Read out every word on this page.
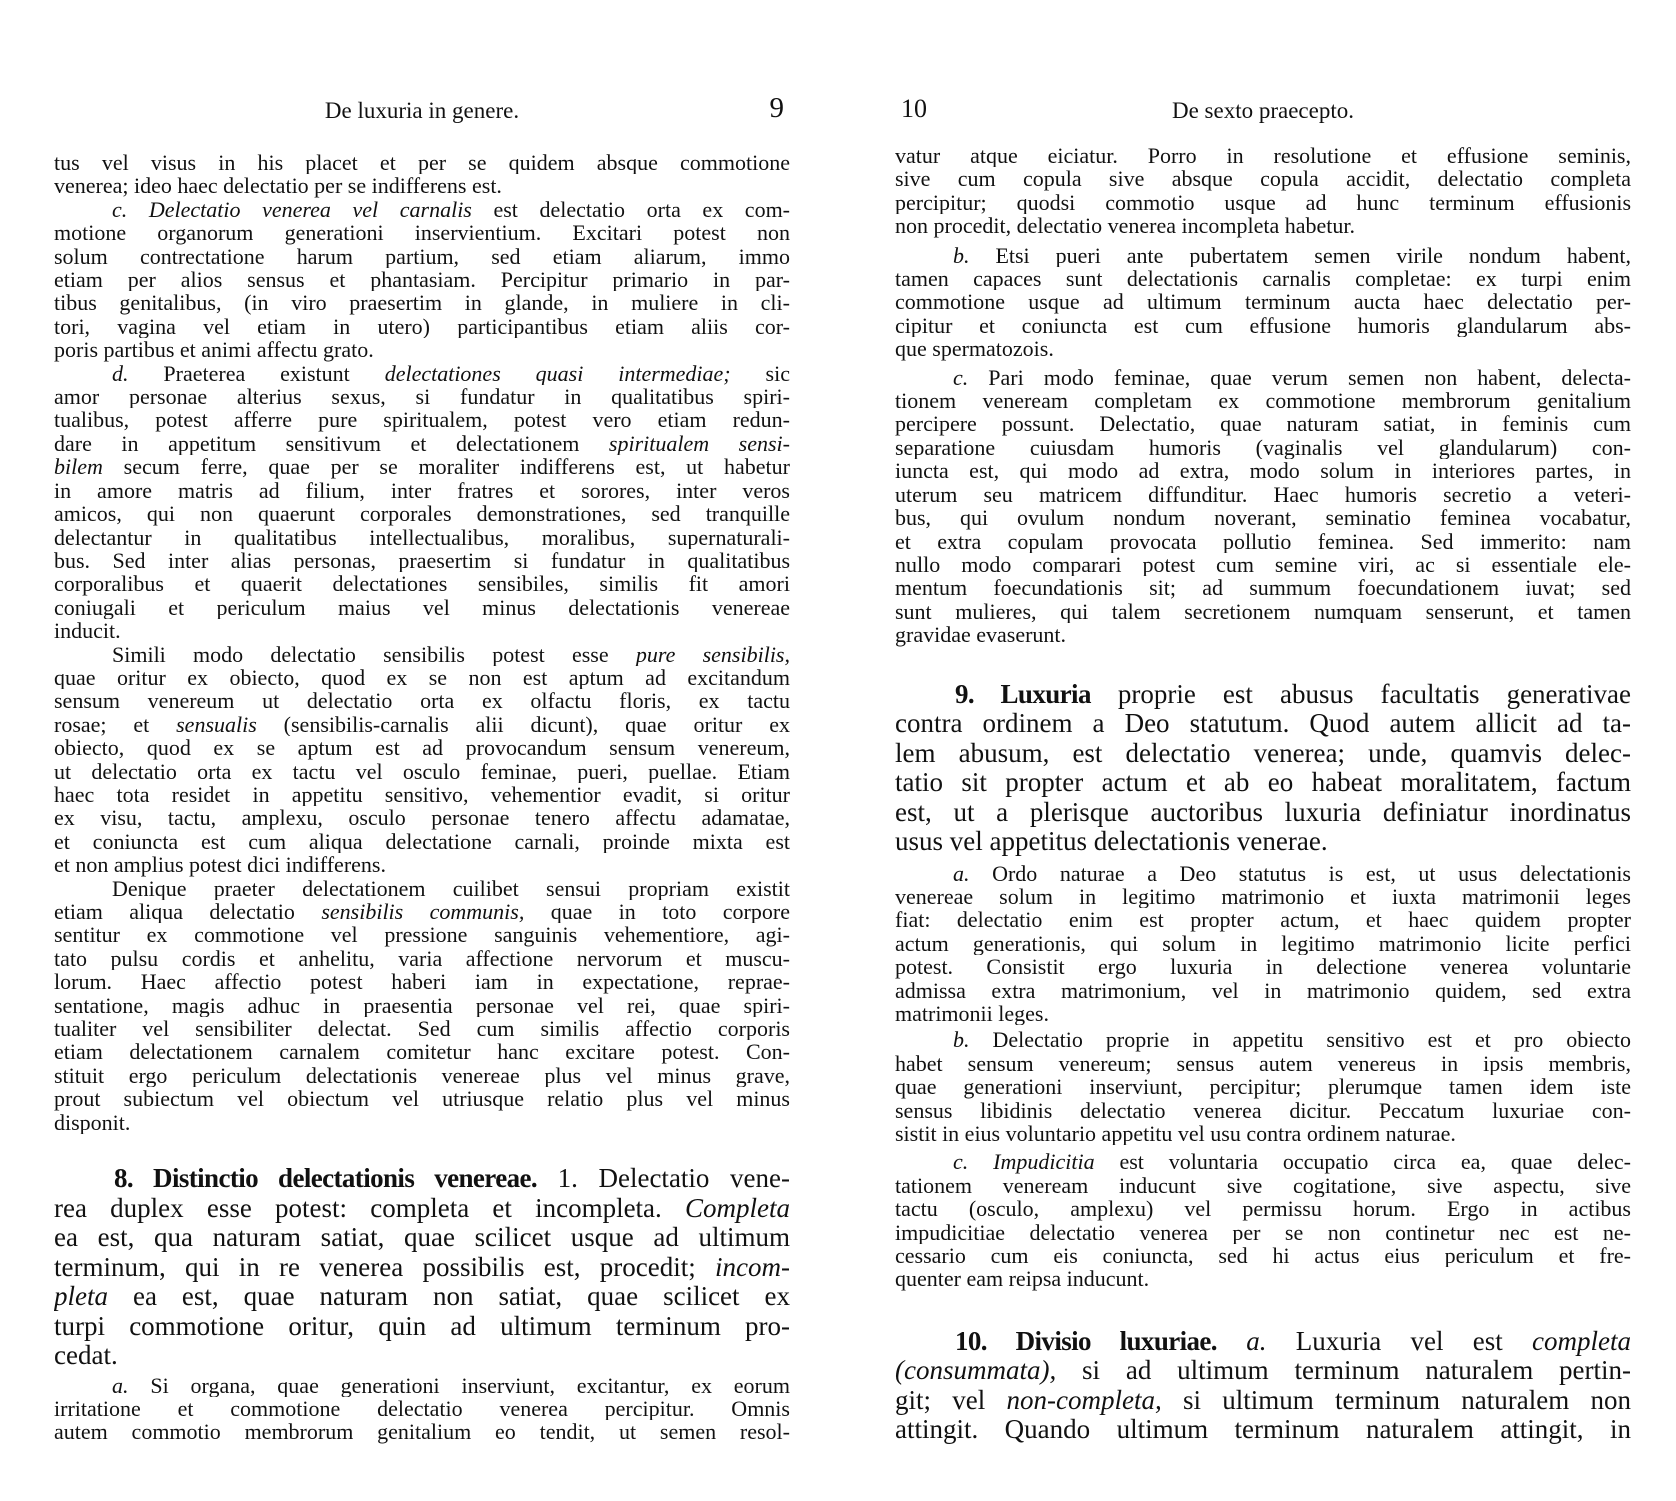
De luxuria in genere.	9
tus vel visus in his placet et per se quidem absque commotione
venerea; ideo haec delectatio per se indifferens est.
c. Delectatio venerea vel carnalis est delectatio orta ex com-
motione organorum generationi inservientium. Excitari potest non
solum contrectatione harum partium, sed etiam aliarum, immo
etiam per alios sensus et phantasiam. Percipitur primario in par-
tibus genitalibus, (in viro praesertim in glande, in muliere in cli-
tori, vagina vel etiam in utero) participantibus etiam aliis cor-
poris partibus et animi affectu grato.
d. Praeterea existunt delectationes quasi intermediae; sic
amor personae alterius sexus, si fundatur in qualitatibus spiri-
tualibus, potest afferre pure spiritualem, potest vero etiam redun-
dare in appetitum sensitivum et delectationem spiritualem sensi-
bilem secum ferre, quae per se moraliter indifferens est, ut habetur
in amore matris ad filium, inter fratres et sorores, inter veros
amicos, qui non quaerunt corporales demonstrationes, sed tranquille
delectantur in qualitatibus intellectualibus, moralibus, supernaturali-
bus. Sed inter alias personas, praesertim si fundatur in qualitatibus
corporalibus et quaerit delectationes sensibiles, similis fit amori
coniugali et periculum maius vel minus delectationis venereae
inducit.
Simili modo delectatio sensibilis potest esse pure sensibilis,
quae oritur ex obiecto, quod ex se non est aptum ad excitandum
sensum venereum ut delectatio orta ex olfactu floris, ex tactu
rosae; et sensualis (sensibilis-carnalis alii dicunt), quae oritur ex
obiecto, quod ex se aptum est ad provocandum sensum venereum,
ut delectatio orta ex tactu vel osculo feminae, pueri, puellae. Etiam
haec tota residet in appetitu sensitivo, vehementior evadit, si oritur
ex visu, tactu, amplexu, osculo personae tenero affectu adamatae,
et coniuncta est cum aliqua delectatione carnali, proinde mixta est
et non amplius potest dici indifferens.
Denique praeter delectationem cuilibet sensui propriam existit
etiam aliqua delectatio sensibilis communis, quae in toto corpore
sentitur ex commotione vel pressione sanguinis vehementiore, agi-
tato pulsu cordis et anhelitu, varia affectione nervorum et muscu-
lorum. Haec affectio potest haberi iam in expectatione, reprae-
sentatione, magis adhuc in praesentia personae vel rei, quae spiri-
tualiter vel sensibiliter delectat. Sed cum similis affectio corporis
etiam delectationem carnalem comitetur hanc excitare potest. Con-
stituit ergo periculum delectationis venereae plus vel minus grave,
prout subiectum vel obiectum vel utriusque relatio plus vel minus
disponit.
8. Distinctio delectationis venereae. 1. Delectatio vene-
rea duplex esse potest: completa et incompleta. Completa
ea est, qua naturam satiat, quae scilicet usque ad ultimum
terminum, qui in re venerea possibilis est, procedit; incom-
pleta ea est, quae naturam non satiat, quae scilicet ex
turpi commotione oritur, quin ad ultimum terminum pro-
cedat.
a. Si organa, quae generationi inserviunt, excitantur, ex eorum
irritatione et commotione delectatio venerea percipitur. Omnis
autem commotio membrorum genitalium eo tendit, ut semen resol-
10	De sexto praecepto.
vatur atque eiciatur. Porro in resolutione et effusione seminis,
sive cum copula sive absque copula accidit, delectatio completa
percipitur; quodsi commotio usque ad hunc terminum effusionis
non procedit, delectatio venerea incompleta habetur.
b. Etsi pueri ante pubertatem semen virile nondum habent,
tamen capaces sunt delectationis carnalis completae: ex turpi enim
commotione usque ad ultimum terminum aucta haec delectatio per-
cipitur et coniuncta est cum effusione humoris glandularum abs-
que spermatozois.
c. Pari modo feminae, quae verum semen non habent, delecta-
tionem veneream completam ex commotione membrorum genitalium
percipere possunt. Delectatio, quae naturam satiat, in feminis cum
separatione cuiusdam humoris (vaginalis vel glandularum) con-
iuncta est, qui modo ad extra, modo solum in interiores partes, in
uterum seu matricem diffunditur. Haec humoris secretio a veteri-
bus, qui ovulum nondum noverant, seminatio feminea vocabatur,
et extra copulam provocata pollutio feminea. Sed immerito: nam
nullo modo comparari potest cum semine viri, ac si essentiale ele-
mentum foecundationis sit; ad summum foecundationem iuvat; sed
sunt mulieres, qui talem secretionem numquam senserunt, et tamen
gravidae evaserunt.
9. Luxuria proprie est abusus facultatis generativae
contra ordinem a Deo statutum. Quod autem allicit ad ta-
lem abusum, est delectatio venerea; unde, quamvis delec-
tatio sit propter actum et ab eo habeat moralitatem, factum
est, ut a plerisque auctoribus luxuria definiatur inordinatus
usus vel appetitus delectationis venerae.
a. Ordo naturae a Deo statutus is est, ut usus delectationis
venereae solum in legitimo matrimonio et iuxta matrimonii leges
fiat: delectatio enim est propter actum, et haec quidem propter
actum generationis, qui solum in legitimo matrimonio licite perfici
potest. Consistit ergo luxuria in delectione venerea voluntarie
admissa extra matrimonium, vel in matrimonio quidem, sed extra
matrimonii leges.
b. Delectatio proprie in appetitu sensitivo est et pro obiecto
habet sensum venereum; sensus autem venereus in ipsis membris,
quae generationi inserviunt, percipitur; plerumque tamen idem iste
sensus libidinis delectatio venerea dicitur. Peccatum luxuriae con-
sistit in eius voluntario appetitu vel usu contra ordinem naturae.
c. Impudicitia est voluntaria occupatio circa ea, quae delec-
tationem veneream inducunt sive cogitatione, sive aspectu, sive
tactu (osculo, amplexu) vel permissu horum. Ergo in actibus
impudicitiae delectatio venerea per se non continetur nec est ne-
cessario cum eis coniuncta, sed hi actus eius periculum et fre-
quenter eam reipsa inducunt.
10. Divisio luxuriae. a. Luxuria vel est completa
(consummata), si ad ultimum terminum naturalem pertin-
git; vel non-completa, si ultimum terminum naturalem non
attingit. Quando ultimum terminum naturalem attingit, in
